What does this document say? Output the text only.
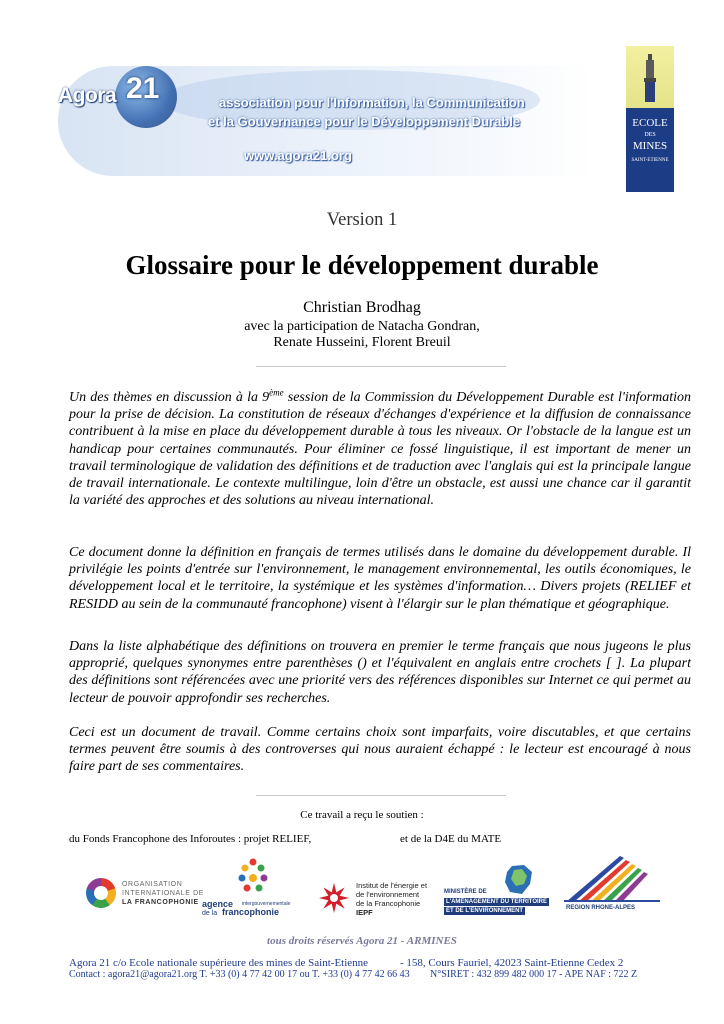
Agora 21	association pour l'Information, la Communication
et la Gouvernance pour le Développement Durable
www.agora21.org
ECOLE
DES
MINES
SAINT-ETIENNE
Version 1
Glossaire pour le développement durable
Christian Brodhag
avec la participation de Natacha Gondran,
Renate Husseini, Florent Breuil
Un des thèmes en discussion à la 9ème session de la Commission du Développement Durable est l'information pour la prise de décision. La constitution de réseaux d'échanges d'expérience et la diffusion de connaissance contribuent à la mise en place du développement durable à tous les niveaux. Or l'obstacle de la langue est un handicap pour certaines communautés. Pour éliminer ce fossé linguistique, il est important de mener un travail terminologique de validation des définitions et de traduction avec l'anglais qui est la principale langue de travail internationale. Le contexte multilingue, loin d'être un obstacle, est aussi une chance car il garantit la variété des approches et des solutions au niveau international.
Ce document donne la définition en français de termes utilisés dans le domaine du développement durable. Il privilégie les points d'entrée sur l'environnement, le management environnemental, les outils économiques, le développement local et le territoire, la systémique et les systèmes d'information… Divers projets (RELIEF et RESIDD au sein de la communauté francophone) visent à l'élargir sur le plan thématique et géographique.
Dans la liste alphabétique des définitions on trouvera en premier le terme français que nous jugeons le plus approprié, quelques synonymes entre parenthèses () et l'équivalent en anglais entre crochets [ ]. La plupart des définitions sont référencées avec une priorité vers des références disponibles sur Internet ce qui permet au lecteur de pouvoir approfondir ses recherches.
Ceci est un document de travail. Comme certains choix sont imparfaits, voire discutables, et que certains termes peuvent être soumis à des controverses qui nous auraient échappé : le lecteur est encouragé à nous faire part de ses commentaires.
Ce travail a reçu le soutien :
du Fonds Francophone des Inforoutes : projet RELIEF,	et de la D4E du MATE
ORGANISATION
INTERNATIONALE DE
LA FRANCOPHONIE agence intergouvernementale
de la francophonie
Institut de l'énergie et
de l'environnement
de la Francophonie
IEPF
MINISTÈRE DE
L'AMÉNAGEMENT DU TERRITOIRE
ET DE L'ENVIRONNEMENT	REGION RHONE-ALPES
tous droits réservés Agora 21 - ARMINES
Agora 21 c/o Ecole nationale supérieure des mines de Saint-Etienne	- 158, Cours Fauriel, 42023 Saint-Etienne Cedex 2
Contact : agora21@agora21.org T. +33 (0) 4 77 42 00 17 ou T. +33 (0) 4 77 42 66 43 N°SIRET : 432 899 482 000 17 - APE NAF : 722 Z
